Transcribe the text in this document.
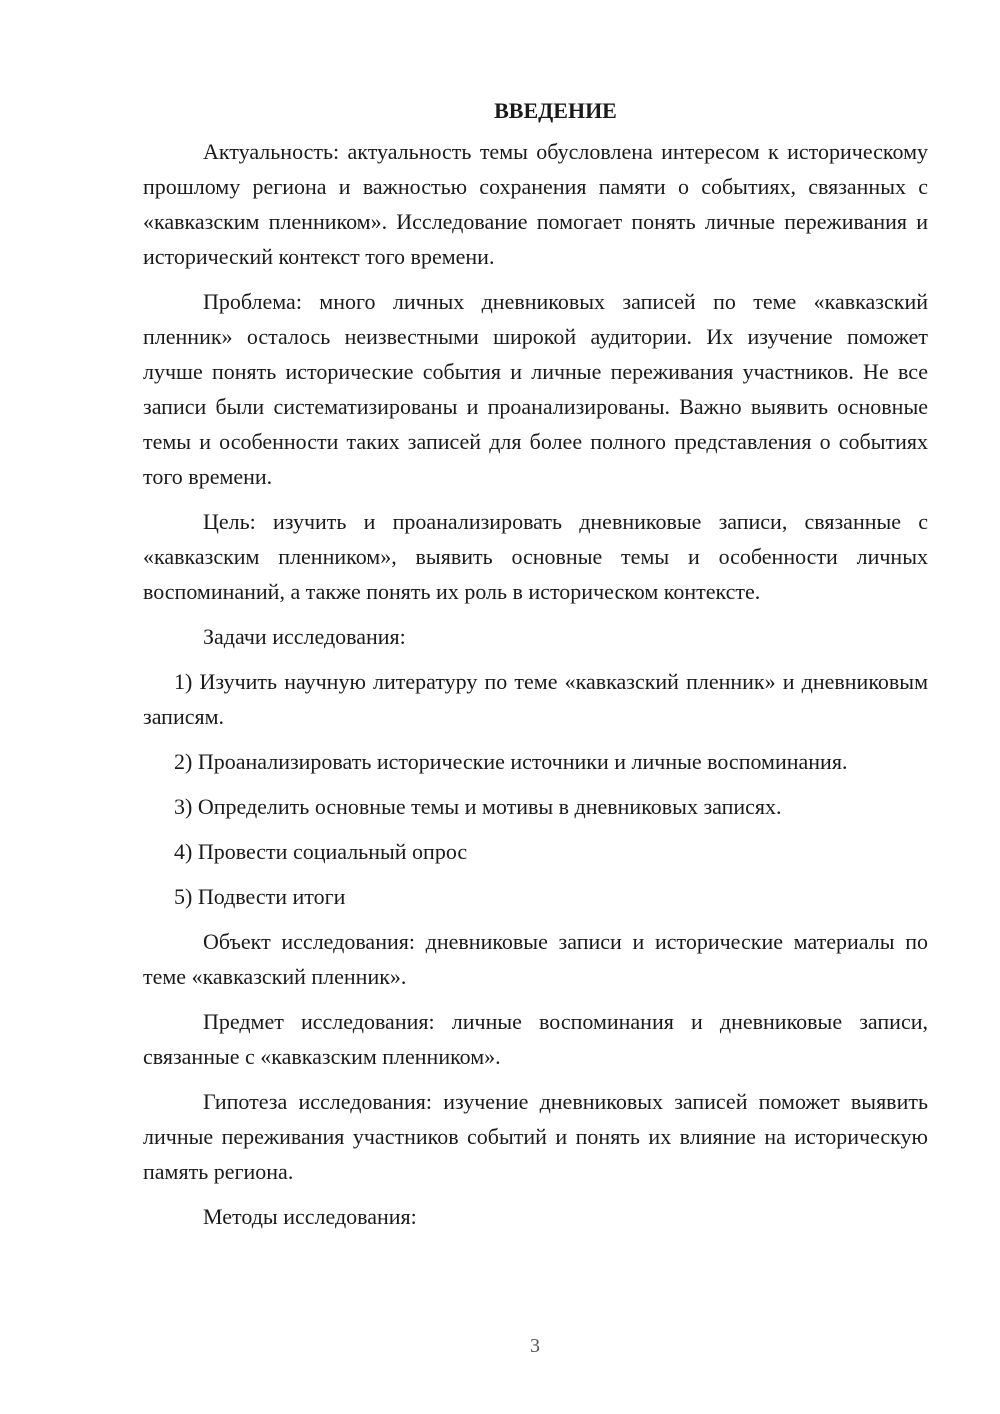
ВВЕДЕНИЕ

Актуальность: актуальность темы обусловлена интересом к историческому прошлому региона и важностью сохранения памяти о событиях, связанных с «кавказским пленником». Исследование помогает понять личные переживания и исторический контекст того времени.

Проблема: много личных дневниковых записей по теме «кавказский пленник» осталось неизвестными широкой аудитории. Их изучение поможет лучше понять исторические события и личные переживания участников. Не все записи были систематизированы и проанализированы. Важно выявить основные темы и особенности таких записей для более полного представления о событиях того времени.

Цель: изучить и проанализировать дневниковые записи, связанные с «кавказским пленником», выявить основные темы и особенности личных воспоминаний, а также понять их роль в историческом контексте.

Задачи исследования:

1) Изучить научную литературу по теме «кавказский пленник» и дневниковым записям.

2) Проанализировать исторические источники и личные воспоминания.

3) Определить основные темы и мотивы в дневниковых записях.

4) Провести социальный опрос

5) Подвести итоги

Объект исследования: дневниковые записи и исторические материалы по теме «кавказский пленник».

Предмет исследования: личные воспоминания и дневниковые записи, связанные с «кавказским пленником».

Гипотеза исследования: изучение дневниковых записей поможет выявить личные переживания участников событий и понять их влияние на историческую память региона.

Методы исследования:

3
